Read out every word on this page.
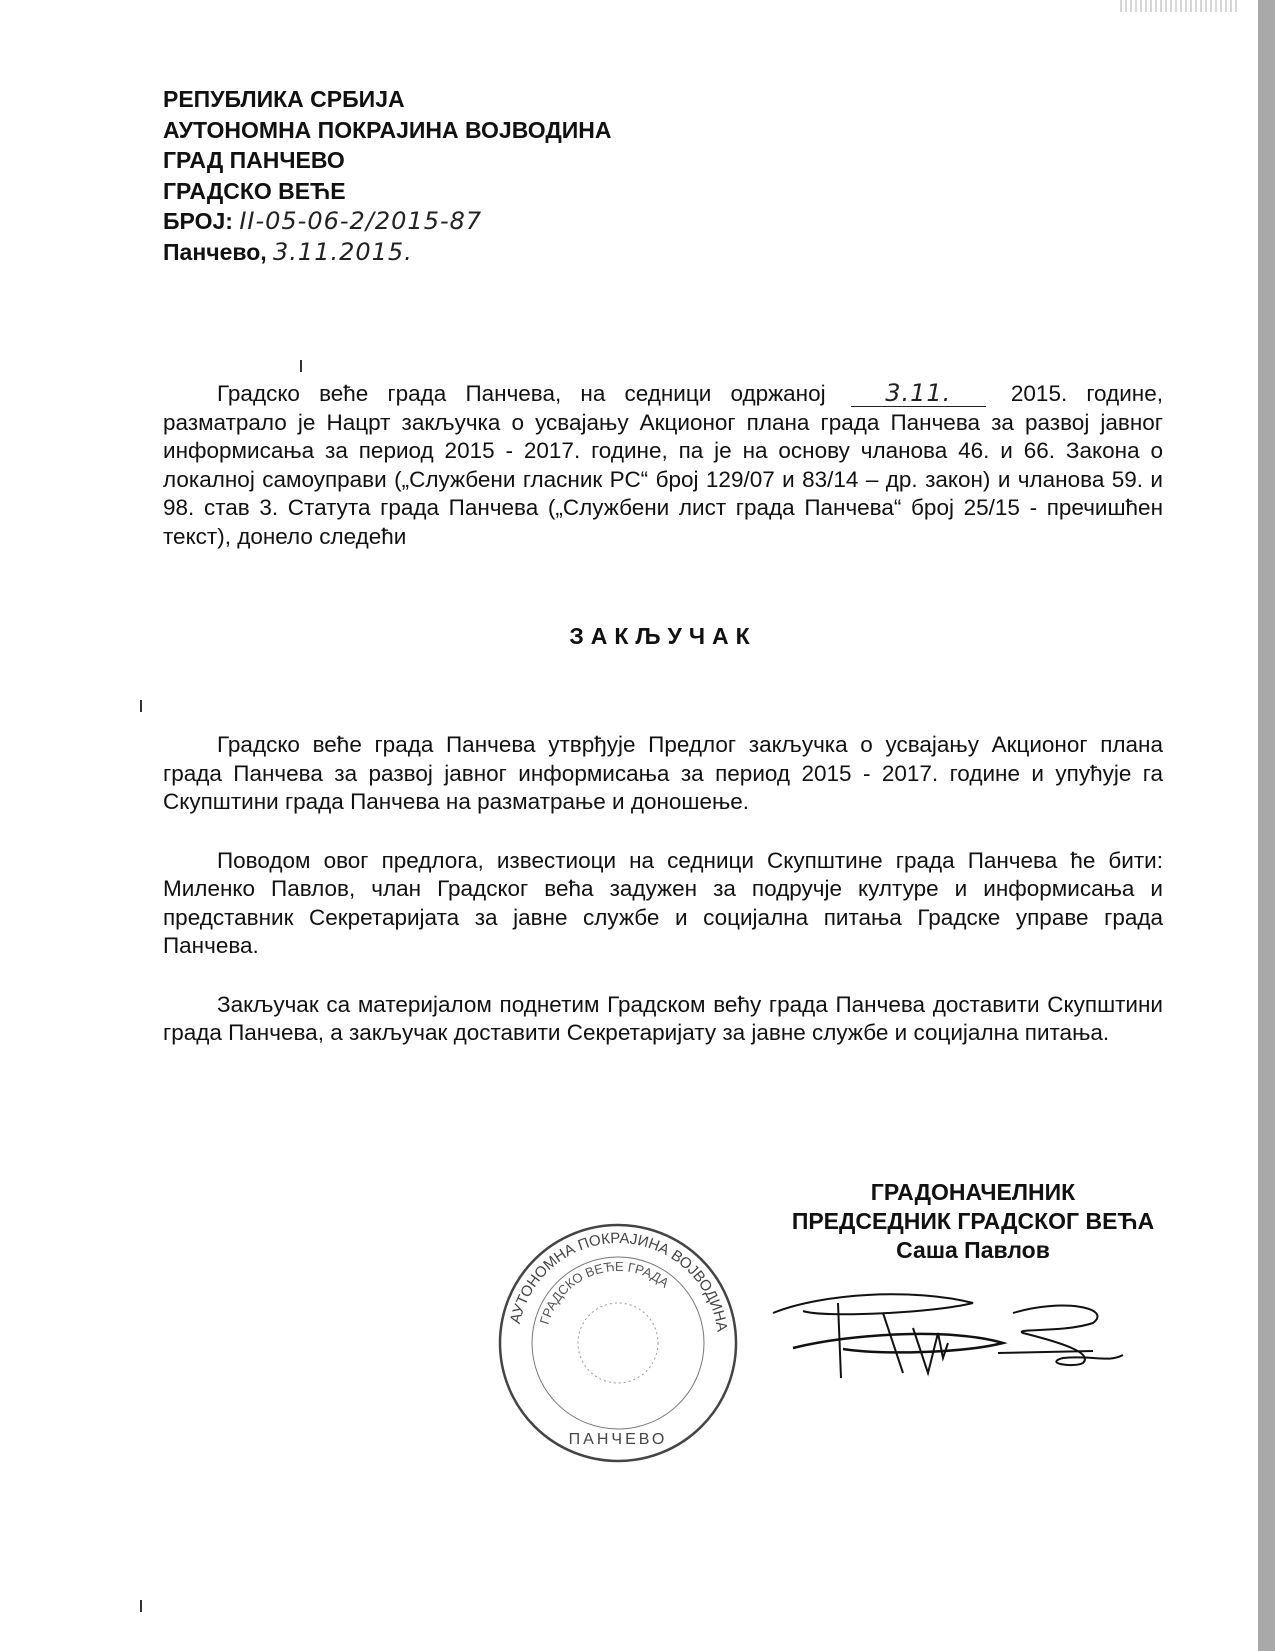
РЕПУБЛИКА СРБИЈА
АУТОНОМНА ПОКРАЈИНА ВОЈВОДИНА
ГРАД ПАНЧЕВО
ГРАДСКО ВЕЋЕ
БРОЈ: II-05-06-2/2015-87
Панчево, 3.11.2015.

Градско веће града Панчева, на седници одржаној 3.11.	2015. године, разматрало је Нацрт закључка о усвајању Акционог плана града Панчева за развој јавног информисања за период 2015 - 2017. године, па је на основу чланова 46. и 66. Закона о локалној самоуправи („Службени гласник РС“ број 129/07 и 83/14 – др. закон) и чланова 59. и 98. став 3. Статута града Панчева („Службени лист града Панчева“ број 25/15 - пречишћен текст), донело следећи

ЗАКЉУЧАК

Градско веће града Панчева утврђује Предлог закључка о усвајању Акционог плана града Панчева за развој јавног информисања за период 2015 - 2017. године и упућује га Скупштини града Панчева на разматрање и доношење.

Поводом овог предлога, известиоци на седници Скупштине града Панчева ће бити: Миленко Павлов, члан Градског већа задужен за подручје културе и информисања и представник Секретаријата за јавне службе и социјална питања Градске управе града Панчева.

Закључак са материјалом поднетим Градском већу града Панчева доставити Скупштини града Панчева, а закључак доставити Секретаријату за јавне службе и социјална питања.

АУТОНОМНА ПОКРАЈИНА ВОЈВОДИНА
ГРАДСКО ВЕЋЕ ГРАДА
ПАНЧЕВО
ГРАДОНАЧЕЛНИК
ПРЕДСЕДНИК ГРАДСКОГ ВЕЋА
Саша Павлов
